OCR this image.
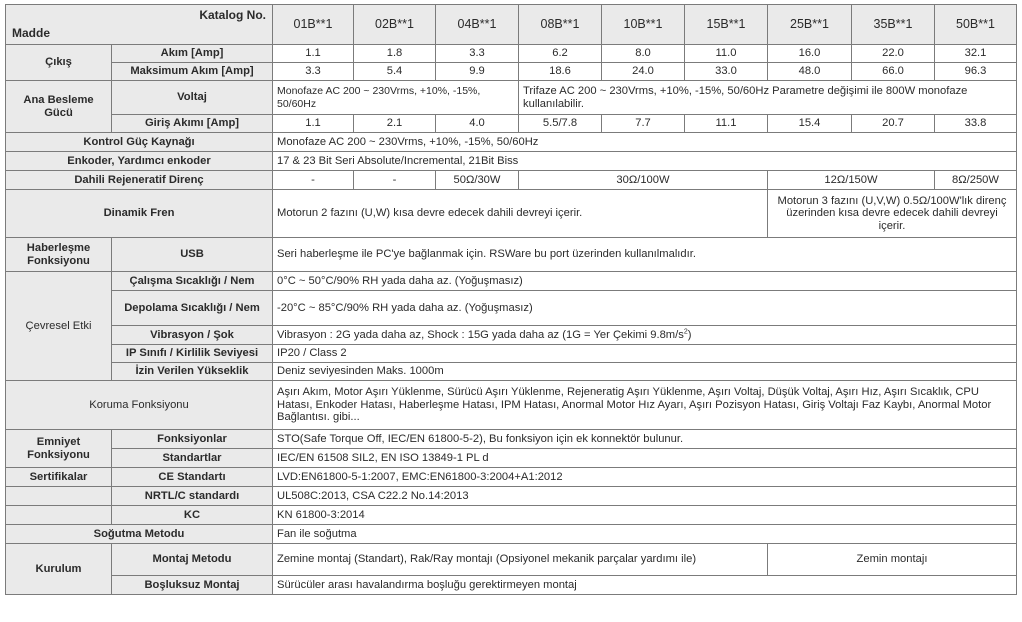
Katalog No.
Madde		01B**1	02B**1	04B**1	08B**1	10B**1	15B**1	25B**1	35B**1	50B**1
Çıkış	Akım [Amp]	1.1	1.8	3.3	6.2	8.0	11.0	16.0	22.0	32.1
	Maksimum Akım [Amp]	3.3	5.4	9.9	18.6	24.0	33.0	48.0	66.0	96.3
Ana Besleme Gücü	Voltaj	Monofaze AC 200 ~ 230Vrms, +10%, -15%, 50/60Hz			Trifaze AC 200 ~ 230Vrms, +10%, -15%, 50/60Hz Parametre değişimi ile 800W monofaze kullanılabilir.					
	Giriş Akımı [Amp]	1.1	2.1	4.0	5.5/7.8	7.7	11.1	15.4	20.7	33.8
Kontrol Güç Kaynağı		Monofaze AC 200 ~ 230Vrms, +10%, -15%, 50/60Hz								
Enkoder, Yardımcı enkoder		17 & 23 Bit Seri Absolute/Incremental, 21Bit Biss								
Dahili Rejeneratif Direnç		-	-	50Ω/30W	30Ω/100W			12Ω/150W		8Ω/250W
Dinamik Fren		Motorun 2 fazını (U,W) kısa devre edecek dahili devreyi içerir.						Motorun 3 fazını (U,V,W) 0.5Ω/100W'lık direnç üzerinden kısa devre edecek dahili devreyi içerir.		
Haberleşme Fonksiyonu	USB	Seri haberleşme ile PC'ye bağlanmak için. RSWare bu port üzerinden kullanılmalıdır.								
Çevresel Etki	Çalışma Sıcaklığı / Nem	0°C ~ 50°C/90% RH yada daha az. (Yoğuşmasız)								
	Depolama Sıcaklığı / Nem	-20°C ~ 85°C/90% RH yada daha az. (Yoğuşmasız)								
	Vibrasyon / Şok	Vibrasyon : 2G yada daha az, Shock : 15G yada daha az (1G = Yer Çekimi $9.8m/s^2$)								
	IP Sınıfı / Kirlilik Seviyesi	IP20 / Class 2								
	İzin Verilen Yükseklik	Deniz seviyesinden Maks. 1000m								
Koruma Fonksiyonu		Aşırı Akım, Motor Aşırı Yüklenme, Sürücü Aşırı Yüklenme, Rejeneratig Aşırı Yüklenme, Aşırı Voltaj, Düşük Voltaj, Aşırı Hız, Aşırı Sıcaklık, CPU Hatası, Enkoder Hatası, Haberleşme Hatası, IPM Hatası, Anormal Motor Hız Ayarı, Aşırı Pozisyon Hatası, Giriş Voltajı Faz Kaybı, Anormal Motor Bağlantısı. gibi...								
Emniyet Fonksiyonu	Fonksiyonlar	STO(Safe Torque Off, IEC/EN 61800-5-2), Bu fonksiyon için ek konnektör bulunur.								
	Standartlar	IEC/EN 61508 SIL2, EN ISO 13849-1 PL d								
Sertifikalar	CE Standartı	LVD:EN61800-5-1:2007, EMC:EN61800-3:2004+A1:2012								
	NRTL/C standardı	UL508C:2013, CSA C22.2 No.14:2013								
	KC	KN 61800-3:2014								
Soğutma Metodu		Fan ile soğutma								
Kurulum	Montaj Metodu	Zemine montaj (Standart), Rak/Ray montajı (Opsiyonel mekanik parçalar yardımı ile)						Zemin montajı		
	Boşluksuz Montaj	Sürücüler arası havalandırma boşluğu gerektirmeyen montaj								
